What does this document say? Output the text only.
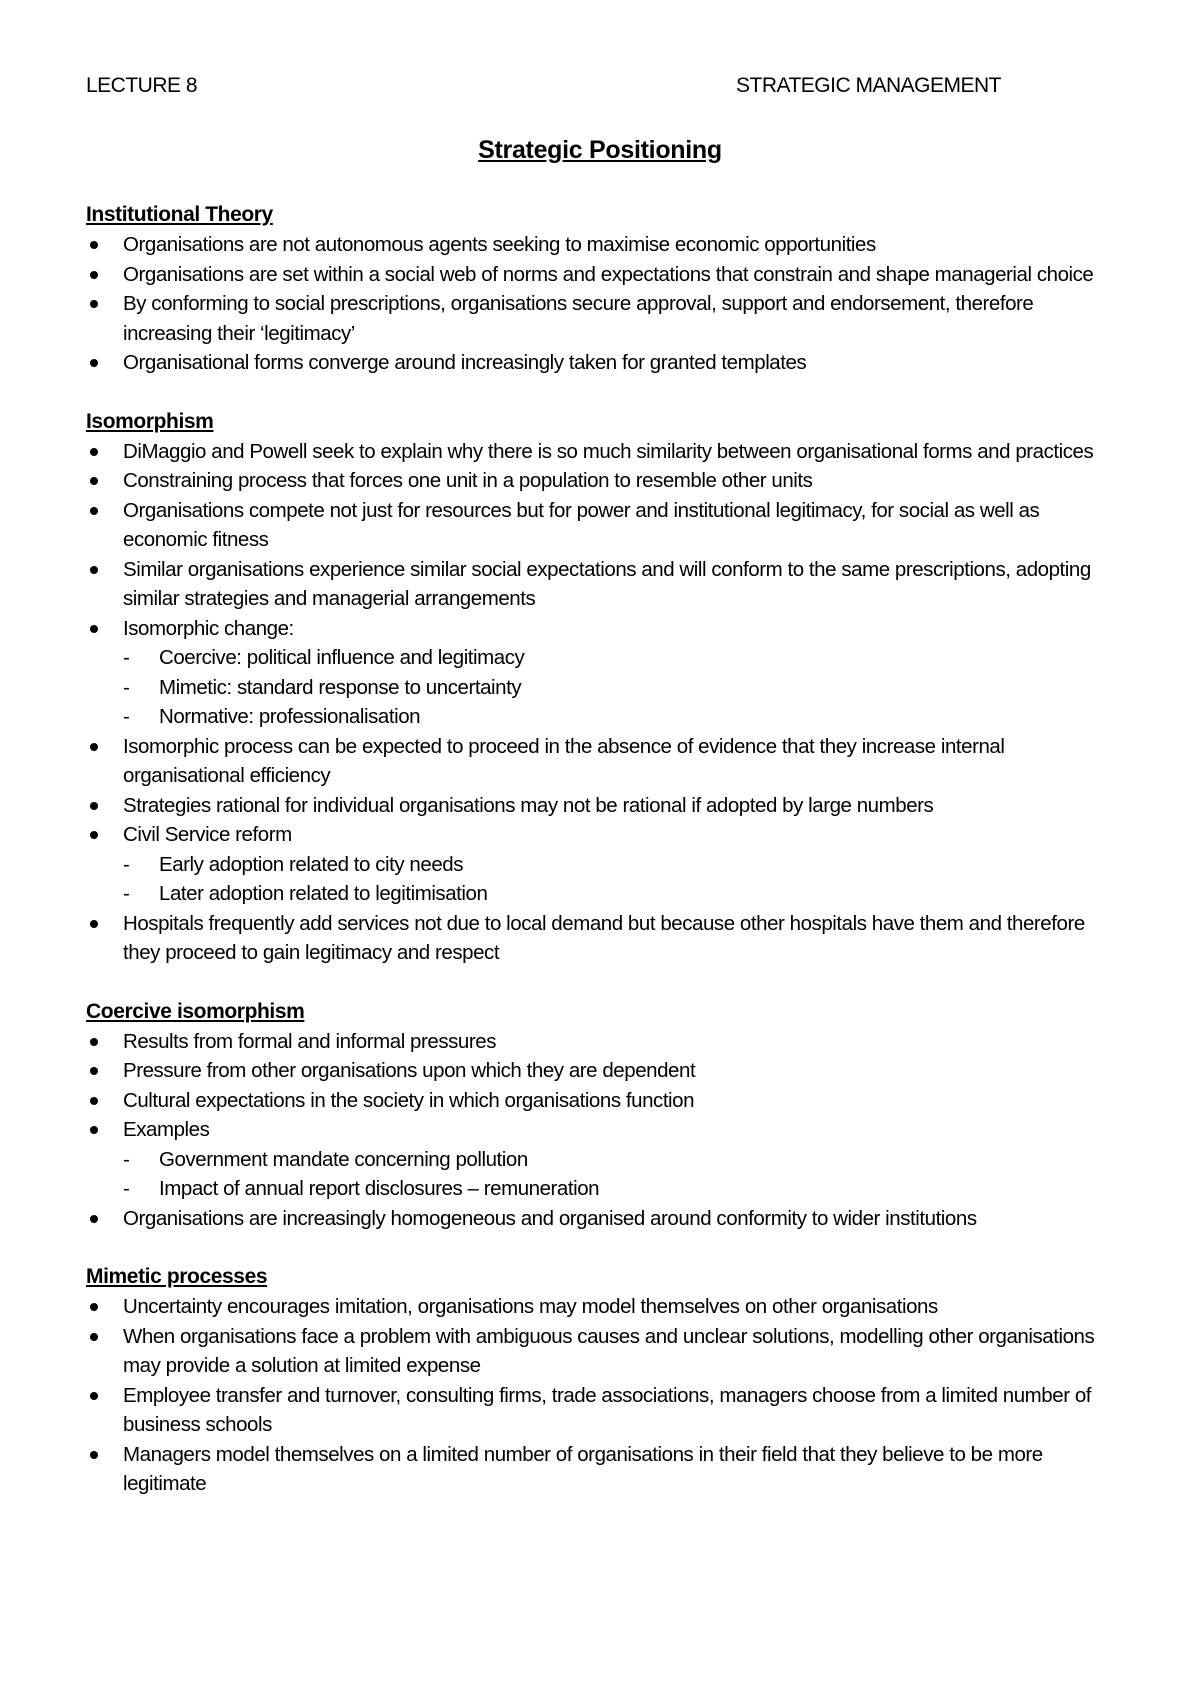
LECTURE 8	STRATEGIC MANAGEMENT
Strategic Positioning
Institutional Theory
Organisations are not autonomous agents seeking to maximise economic opportunities
Organisations are set within a social web of norms and expectations that constrain and shape managerial choice
By conforming to social prescriptions, organisations secure approval, support and endorsement, therefore increasing their ‘legitimacy’
Organisational forms converge around increasingly taken for granted templates
Isomorphism
DiMaggio and Powell seek to explain why there is so much similarity between organisational forms and practices
Constraining process that forces one unit in a population to resemble other units
Organisations compete not just for resources but for power and institutional legitimacy, for social as well as economic fitness
Similar organisations experience similar social expectations and will conform to the same prescriptions, adopting similar strategies and managerial arrangements
Isomorphic change:
-	Coercive: political influence and legitimacy
-	Mimetic: standard response to uncertainty
-	Normative: professionalisation
Isomorphic process can be expected to proceed in the absence of evidence that they increase internal organisational efficiency
Strategies rational for individual organisations may not be rational if adopted by large numbers
Civil Service reform
-	Early adoption related to city needs
-	Later adoption related to legitimisation
Hospitals frequently add services not due to local demand but because other hospitals have them and therefore they proceed to gain legitimacy and respect
Coercive isomorphism
Results from formal and informal pressures
Pressure from other organisations upon which they are dependent
Cultural expectations in the society in which organisations function
Examples
-	Government mandate concerning pollution
-	Impact of annual report disclosures – remuneration
Organisations are increasingly homogeneous and organised around conformity to wider institutions
Mimetic processes
Uncertainty encourages imitation, organisations may model themselves on other organisations
When organisations face a problem with ambiguous causes and unclear solutions, modelling other organisations may provide a solution at limited expense
Employee transfer and turnover, consulting firms, trade associations, managers choose from a limited number of business schools
Managers model themselves on a limited number of organisations in their field that they believe to be more legitimate
